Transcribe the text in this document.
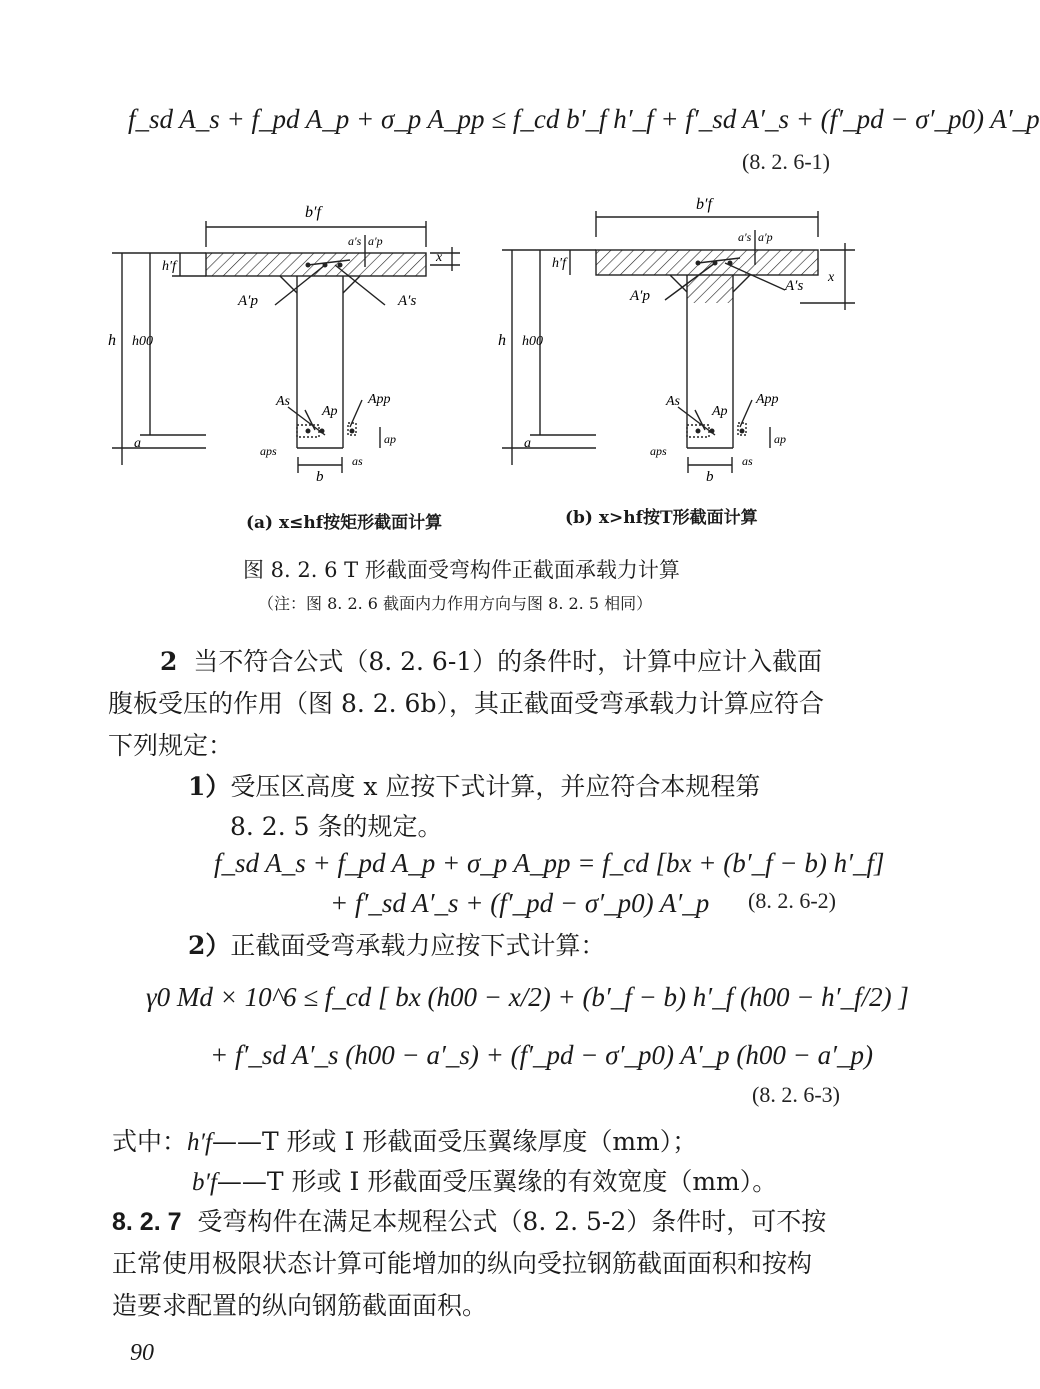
f_sd A_s + f_pd A_p + σ_p A_pp ≤ f_cd b′_f h′_f + f′_sd A′_s + (f′_pd − σ′_p0) A′_p
(8. 2. 6-1)
b′f
h′f
x
h h00
a
a′s a′p
A′p	A′s
As
Ap
App
b
aps
as
ap
b′f
h′f
x
h h00
a
a′s a′p
A′p
A′s
As
Ap
App
b
aps
as
ap
(a) x≤hf按矩形截面计算	(b) x>hf按T形截面计算
图 8. 2. 6 T 形截面受弯构件正截面承载力计算
（注：图 8. 2. 6 截面内力作用方向与图 8. 2. 5 相同）
2 当不符合公式（8. 2. 6-1）的条件时，计算中应计入截面
腹板受压的作用（图 8. 2. 6b），其正截面受弯承载力计算应符合
下列规定：
1）受压区高度 x 应按下式计算，并应符合本规程第
8. 2. 5 条的规定。
f_sd A_s + f_pd A_p + σ_p A_pp = f_cd [bx + (b′_f − b) h′_f]
+ f′_sd A′_s + (f′_pd − σ′_p0) A′_p (8. 2. 6-2)
2）正截面受弯承载力应按下式计算：
γ0 Md × 10^6 ≤ f_cd [ bx (h00 − x/2) + (b′_f − b) h′_f (h00 − h′_f/2) ]
+ f′_sd A′_s (h00 − a′_s) + (f′_pd − σ′_p0) A′_p (h00 − a′_p)
(8. 2. 6-3)
式中：h′f——T 形或 I 形截面受压翼缘厚度（mm）；
b′f——T 形或 I 形截面受压翼缘的有效宽度（mm）。
8. 2. 7 受弯构件在满足本规程公式（8. 2. 5-2）条件时，可不按
正常使用极限状态计算可能增加的纵向受拉钢筋截面面积和按构
造要求配置的纵向钢筋截面面积。
90
